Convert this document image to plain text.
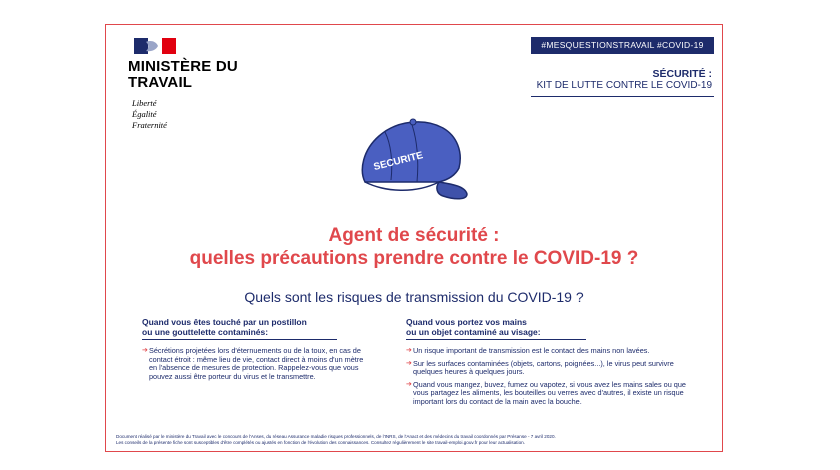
MINISTÈRE DU TRAVAIL
Liberté
Égalité
Fraternité
#MESQUESTIONSTRAVAIL #COVID-19
SÉCURITÉ :
KIT DE LUTTE CONTRE LE COVID-19
SECURITE
Agent de sécurité :
quelles précautions prendre contre le COVID-19 ?
Quels sont les risques de transmission du COVID-19 ?
Quand vous êtes touché par un postillon
ou une gouttelette contaminés:
➔ Sécrétions projetées lors d'éternuements ou de la toux, en cas de contact étroit : même lieu de vie, contact direct à moins d'un mètre en l'absence de mesures de protection. Rappelez-vous que vous pouvez aussi être porteur du virus et le transmettre.
Quand vous portez vos mains
ou un objet contaminé au visage:
➔ Un risque important de transmission est le contact des mains non lavées.
➔ Sur les surfaces contaminées (objets, cartons, poignées...), le virus peut survivre quelques heures à quelques jours.
➔ Quand vous mangez, buvez, fumez ou vapotez, si vous avez les mains sales ou que vous partagez les aliments, les bouteilles ou verres avec d'autres, il existe un risque important lors du contact de la main avec la bouche.
Document réalisé par le ministère du Travail avec le concours de l'Anses, du réseau Assurance maladie risques professionnels, de l'INRS, de l'Anact et des médecins du travail coordonnés par Présanse - 7 avril 2020.
Les conseils de la présente fiche sont susceptibles d'être complétés ou ajustés en fonction de l'évolution des connaissances. Consultez régulièrement le site travail-emploi.gouv.fr pour leur actualisation.
